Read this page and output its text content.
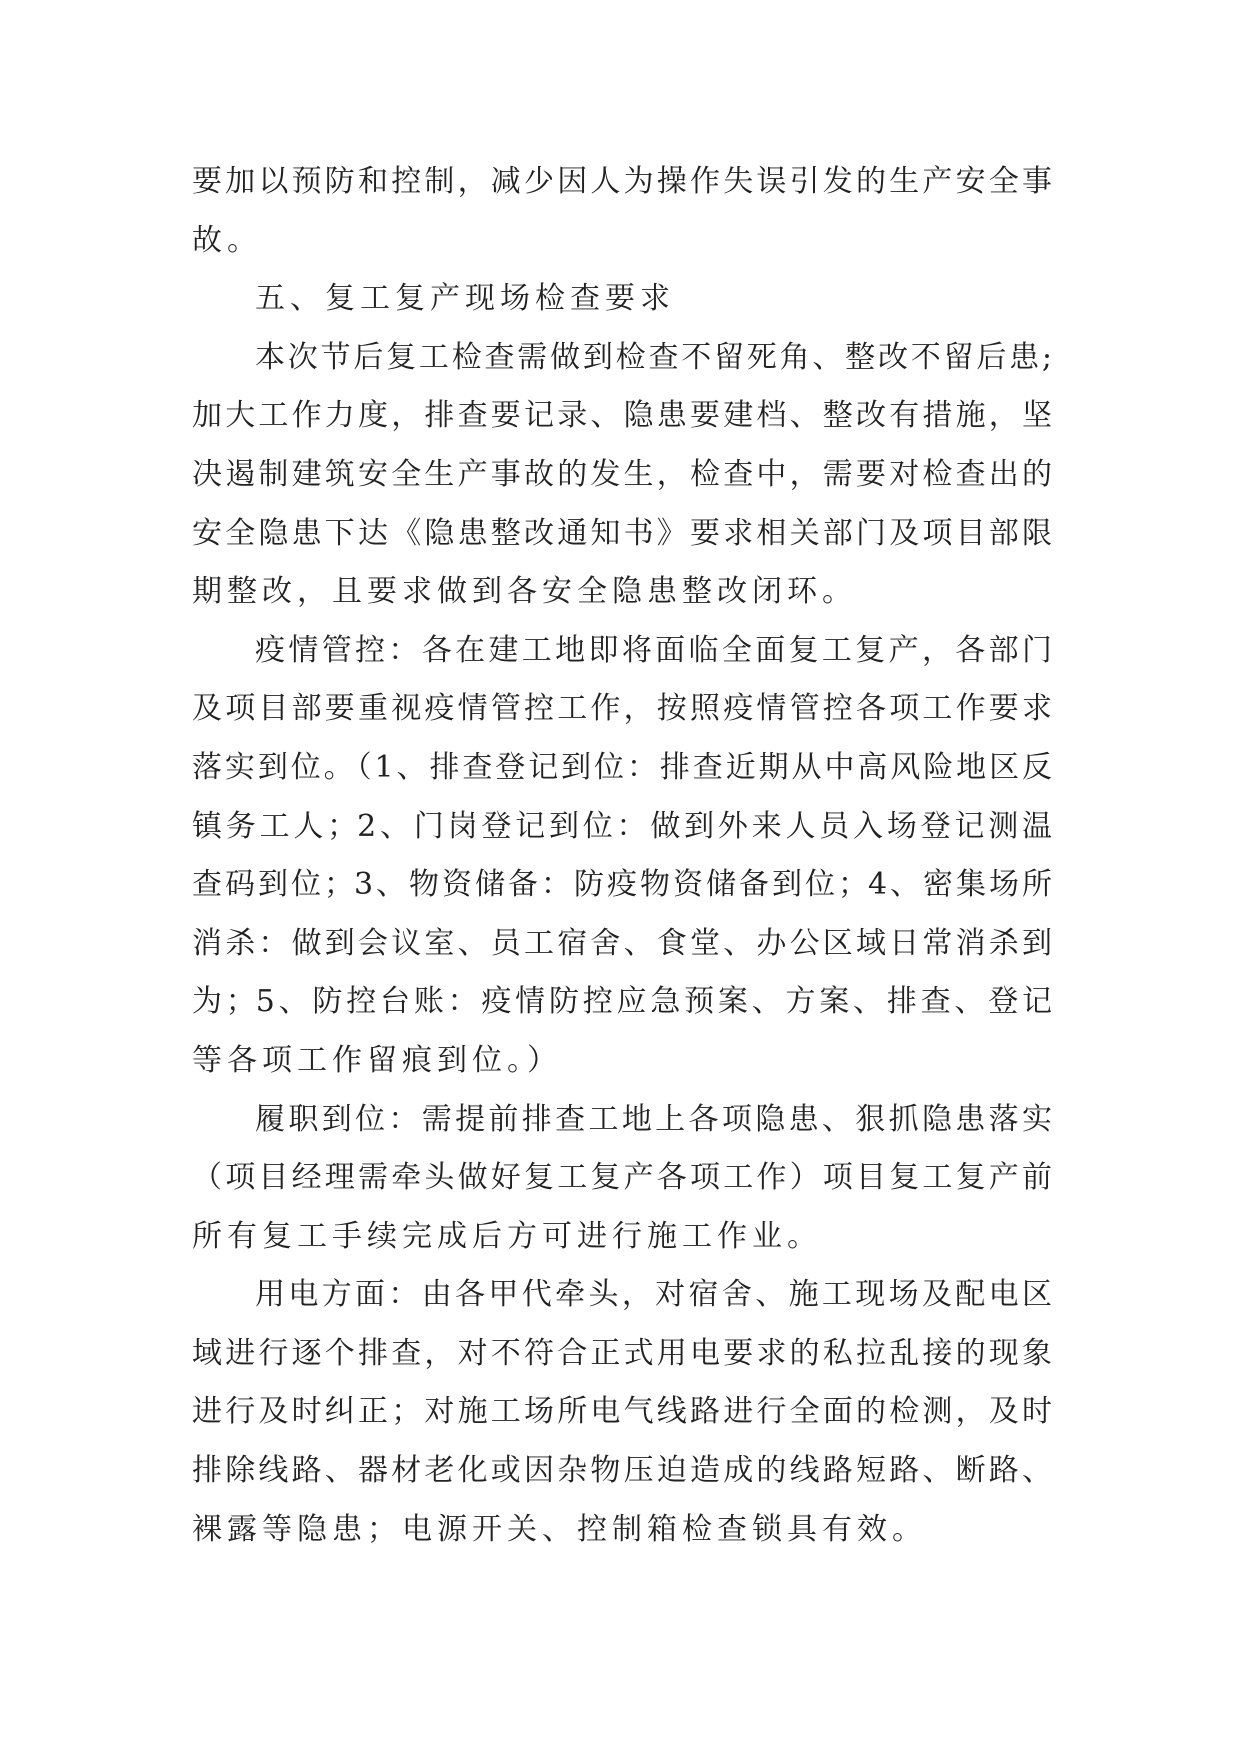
要加以预防和控制，减少因人为操作失误引发的生产安全事
故。
五、复工复产现场检查要求
本次节后复工检查需做到检查不留死角、整改不留后患;
加大工作力度，排查要记录、隐患要建档、整改有措施，坚
决遏制建筑安全生产事故的发生，检查中，需要对检查出的
安全隐患下达《隐患整改通知书》要求相关部门及项目部限
期整改，且要求做到各安全隐患整改闭环。
疫情管控：各在建工地即将面临全面复工复产，各部门
及项目部要重视疫情管控工作，按照疫情管控各项工作要求
落实到位。（1、排查登记到位：排查近期从中高风险地区反
镇务工人；2、门岗登记到位：做到外来人员入场登记测温
查码到位；3、物资储备：防疫物资储备到位；4、密集场所
消杀：做到会议室、员工宿舍、食堂、办公区域日常消杀到
为；5、防控台账：疫情防控应急预案、方案、排查、登记
等各项工作留痕到位。）
履职到位：需提前排查工地上各项隐患、狠抓隐患落实
（项目经理需牵头做好复工复产各项工作）项目复工复产前
所有复工手续完成后方可进行施工作业。
用电方面：由各甲代牵头，对宿舍、施工现场及配电区
域进行逐个排查，对不符合正式用电要求的私拉乱接的现象
进行及时纠正；对施工场所电气线路进行全面的检测，及时
排除线路、器材老化或因杂物压迫造成的线路短路、断路、
裸露等隐患；电源开关、控制箱检查锁具有效。
